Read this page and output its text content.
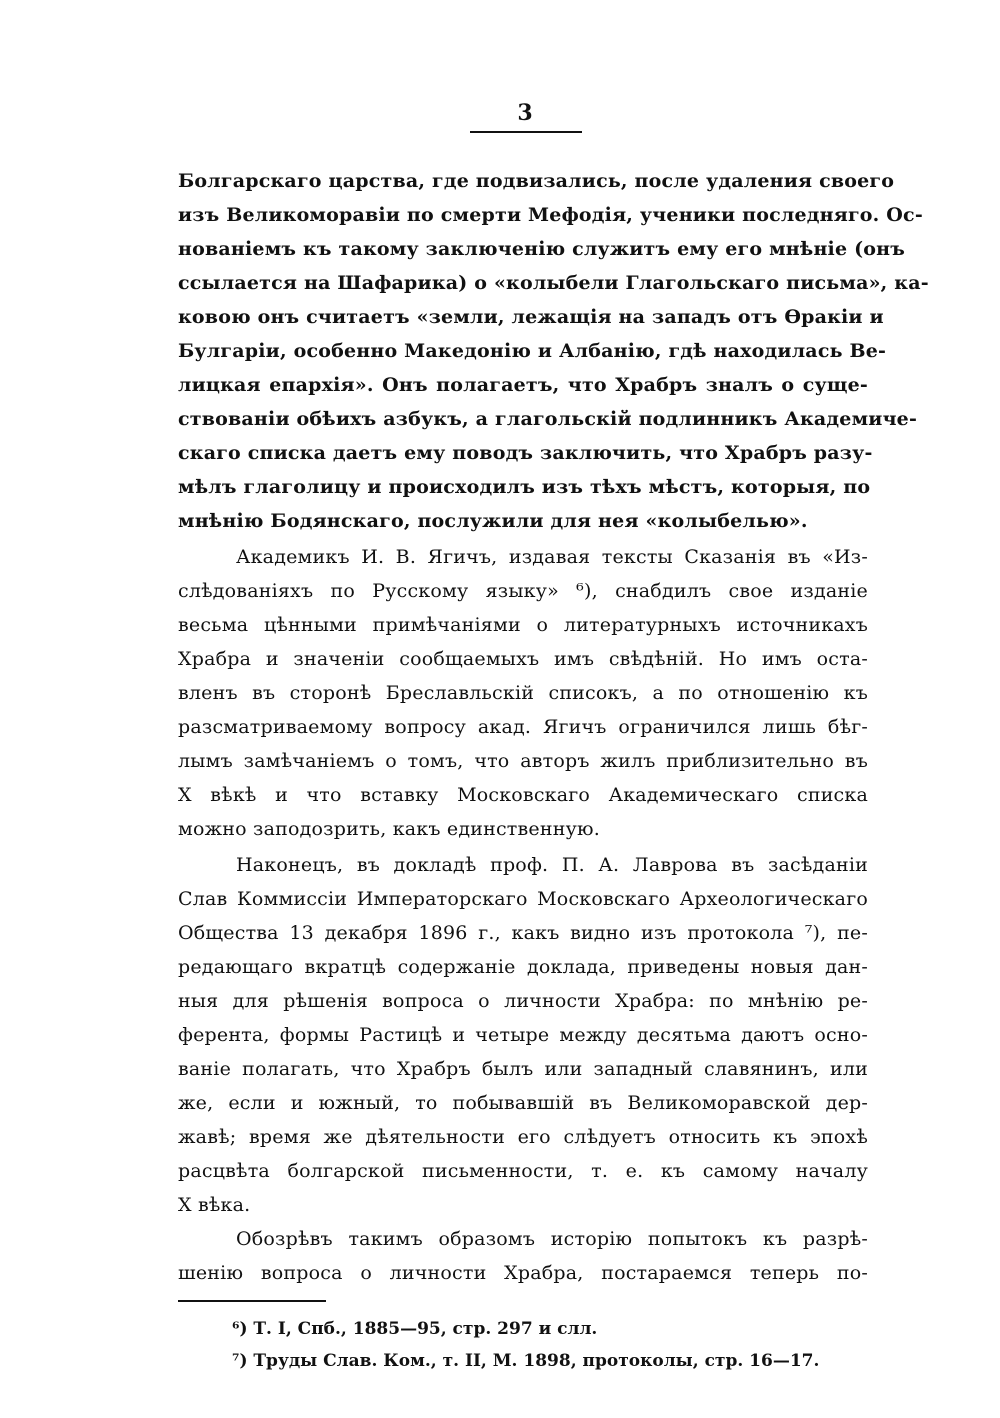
3
Болгарскаго царства, где подвизались, после удаления своего
изъ Великоморавіи по смерти Мефодія, ученики последняго. Ос-
нованіемъ къ такому заключенію служитъ ему его мнѣніе (онъ
ссылается на Шафарика) о «колыбели Глагольскаго письма», ка-
ковою онъ считаетъ «земли, лежащія на западъ отъ Ѳракіи и
Булгаріи, особенно Македонію и Албанію, гдѣ находилась Ве-
лицкая епархія». Онъ полагаетъ, что Храбръ зналъ о суще-
ствованіи обѣихъ азбукъ, а глагольскій подлинникъ Академиче-
скаго списка даетъ ему поводъ заключить, что Храбръ разу-
мѣлъ глаголицу и происходилъ изъ тѣхъ мѣстъ, которыя, по
мнѣнію Бодянскаго, послужили для нея «колыбелью».
Академикъ И. В. Ягичъ, издавая тексты Сказанія въ «Из-
слѣдованіяхъ по Русскому языку» ⁶), снабдилъ свое изданіе
весьма цѣнными примѣчаніями о литературныхъ источникахъ
Храбра и значеніи сообщаемыхъ имъ свѣдѣній. Но имъ оста-
вленъ въ сторонѣ Бреславльскій списокъ, а по отношенію къ
разсматриваемому вопросу акад. Ягичъ ограничился лишь бѣг-
лымъ замѣчаніемъ о томъ, что авторъ жилъ приблизительно въ
X вѣкѣ и что вставку Московскаго Академическаго списка
можно заподозрить, какъ единственную.
Наконецъ, въ докладѣ проф. П. А. Лаврова въ засѣданіи
Слав Коммиссіи Императорскаго Московскаго Археологическаго
Общества 13 декабря 1896 г., какъ видно изъ протокола ⁷), пе-
редающаго вкратцѣ содержаніе доклада, приведены новыя дан-
ныя для рѣшенія вопроса о личности Храбра: по мнѣнію ре-
ферента, формы Растицѣ и четыре между десятьма даютъ осно-
ваніе полагать, что Храбръ былъ или западный славянинъ, или
же, если и южный, то побывавшій въ Великоморавской дер-
жавѣ; время же дѣятельности его слѣдуетъ относить къ эпохѣ
расцвѣта болгарской письменности, т. е. къ самому началу
X вѣка.
Обозрѣвъ такимъ образомъ исторію попытокъ къ разрѣ-
шенію вопроса о личности Храбра, постараемся теперь по-
⁶) Т. I, Спб., 1885—95, стр. 297 и слл.
⁷) Труды Слав. Ком., т. II, М. 1898, протоколы, стр. 16—17.
